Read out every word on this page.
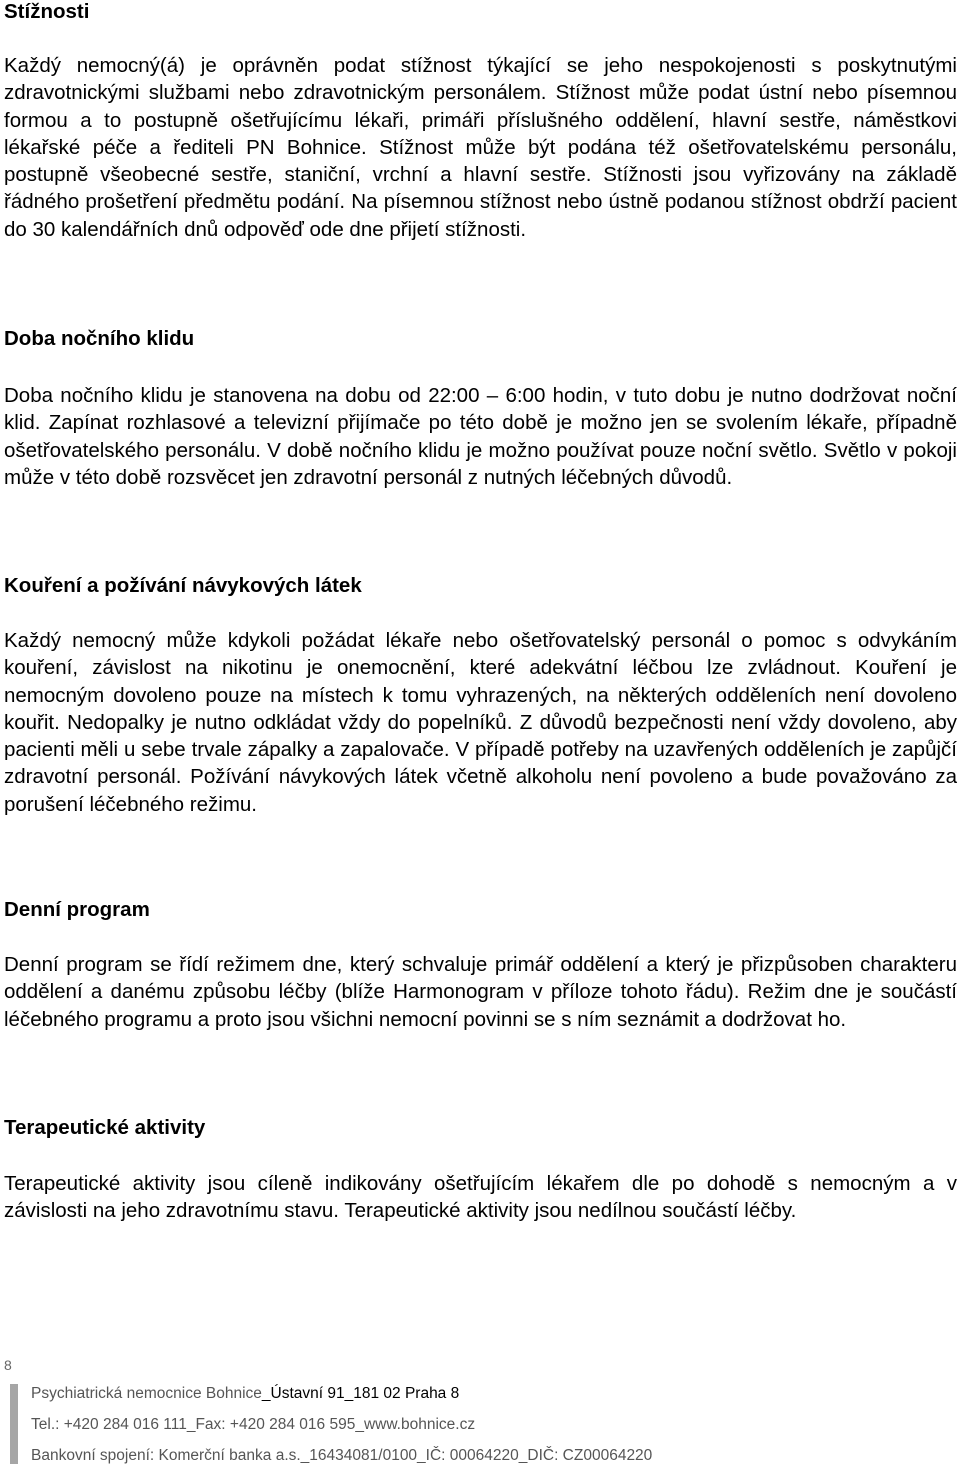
Stížnosti

Každý nemocný(á) je oprávněn podat stížnost týkající se jeho nespokojenosti s poskytnutými zdravotnickými službami nebo zdravotnickým personálem. Stížnost může podat ústní nebo písemnou formou a to postupně ošetřujícímu lékaři, primáři příslušného oddělení, hlavní sestře, náměstkovi lékařské péče a řediteli PN Bohnice. Stížnost může být podána též ošetřovatelskému personálu, postupně všeobecné sestře, staniční, vrchní a hlavní sestře. Stížnosti jsou vyřizovány na základě řádného prošetření předmětu podání. Na písemnou stížnost nebo ústně podanou stížnost obdrží pacient do 30 kalendářních dnů odpověď ode dne přijetí stížnosti.

Doba nočního klidu

Doba nočního klidu je stanovena na dobu od 22:00 – 6:00 hodin, v tuto dobu je nutno dodržovat noční klid. Zapínat rozhlasové a televizní přijímače po této době je možno jen se svolením lékaře, případně ošetřovatelského personálu. V době nočního klidu je možno používat pouze noční světlo. Světlo v pokoji může v této době rozsvěcet jen zdravotní personál z nutných léčebných důvodů.

Kouření a požívání návykových látek

Každý nemocný může kdykoli požádat lékaře nebo ošetřovatelský personál o pomoc s odvykáním kouření, závislost na nikotinu je onemocnění, které adekvátní léčbou lze zvládnout. Kouření je nemocným dovoleno pouze na místech k tomu vyhrazených, na některých odděleních není dovoleno kouřit. Nedopalky je nutno odkládat vždy do popelníků. Z důvodů bezpečnosti není vždy dovoleno, aby pacienti měli u sebe trvale zápalky a zapalovače. V případě potřeby na uzavřených odděleních je zapůjčí zdravotní personál. Požívání návykových látek včetně alkoholu není povoleno a bude považováno za porušení léčebného režimu.

Denní program

Denní program se řídí režimem dne, který schvaluje primář oddělení a který je přizpůsoben charakteru oddělení a danému způsobu léčby (blíže Harmonogram v příloze tohoto řádu). Režim dne je součástí léčebného programu a proto jsou všichni nemocní povinni se s ním seznámit a dodržovat ho.

Terapeutické aktivity

Terapeutické aktivity jsou cíleně indikovány ošetřujícím lékařem dle po dohodě s nemocným a v závislosti na jeho zdravotnímu stavu. Terapeutické aktivity jsou nedílnou součástí léčby.

8
Psychiatrická nemocnice Bohnice_Ústavní 91_181 02 Praha 8
Tel.: +420 284 016 111_Fax: +420 284 016 595_www.bohnice.cz
Bankovní spojení: Komerční banka a.s._16434081/0100_IČ: 00064220_DIČ: CZ00064220
